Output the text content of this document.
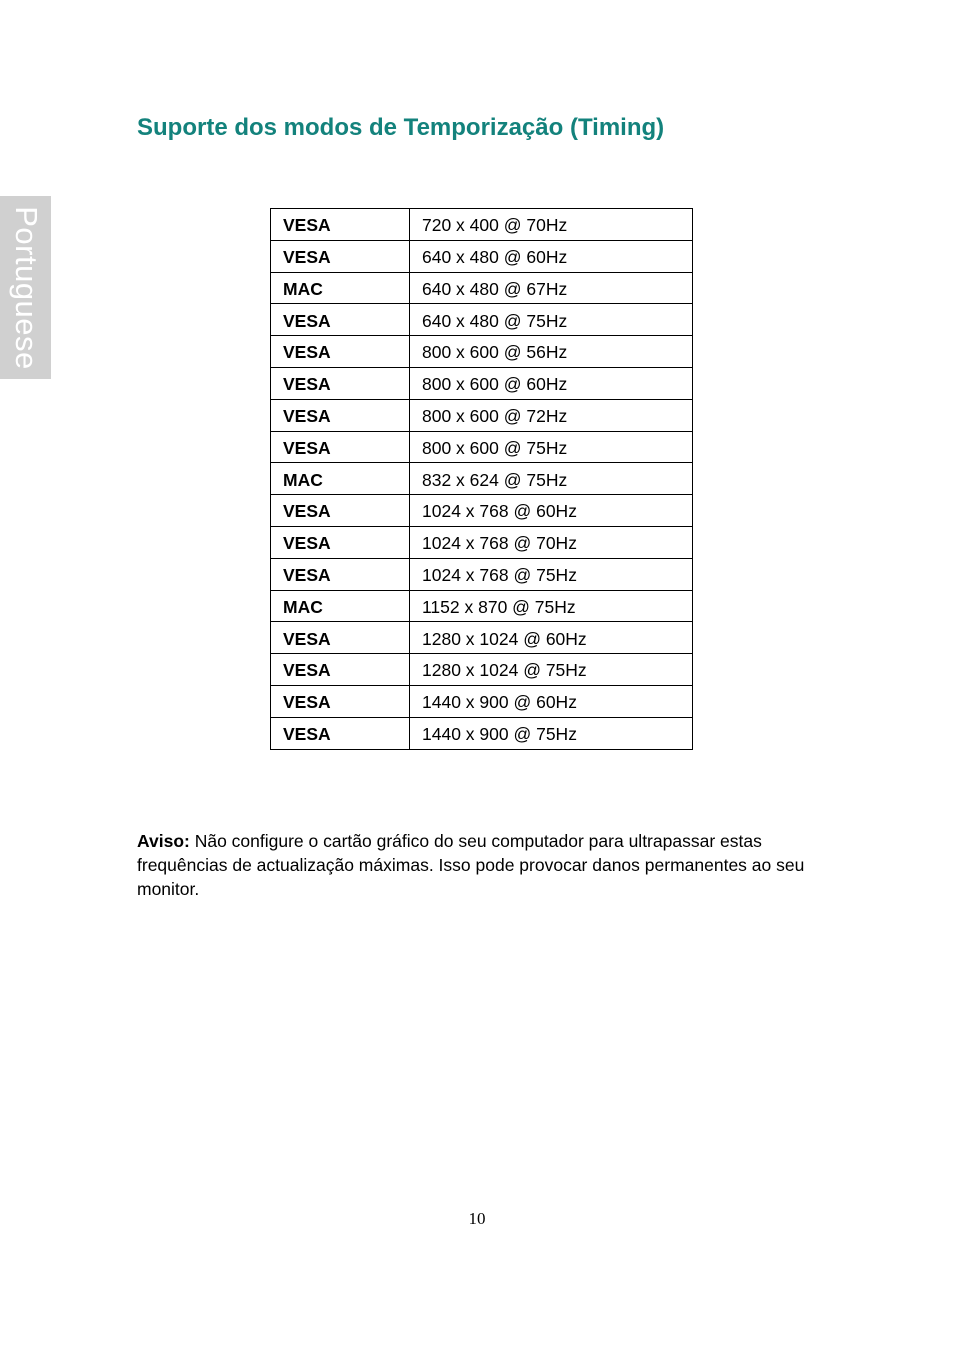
Portuguese
Suporte dos modos de Temporização (Timing)
VESA	720 x 400 @ 70Hz
VESA	640 x 480 @ 60Hz
MAC	640 x 480 @ 67Hz
VESA	640 x 480 @ 75Hz
VESA	800 x 600 @ 56Hz
VESA	800 x 600 @ 60Hz
VESA	800 x 600 @ 72Hz
VESA	800 x 600 @ 75Hz
MAC	832 x 624 @ 75Hz
VESA	1024 x 768 @ 60Hz
VESA	1024 x 768 @ 70Hz
VESA	1024 x 768 @ 75Hz
MAC	1152 x 870 @ 75Hz
VESA	1280 x 1024 @ 60Hz
VESA	1280 x 1024 @ 75Hz
VESA	1440 x 900 @ 60Hz
VESA	1440 x 900 @ 75Hz

Aviso: Não configure o cartão gráfico do seu computador para ultrapassar estas frequências de actualização máximas. Isso pode provocar danos permanentes ao seu monitor.

10
